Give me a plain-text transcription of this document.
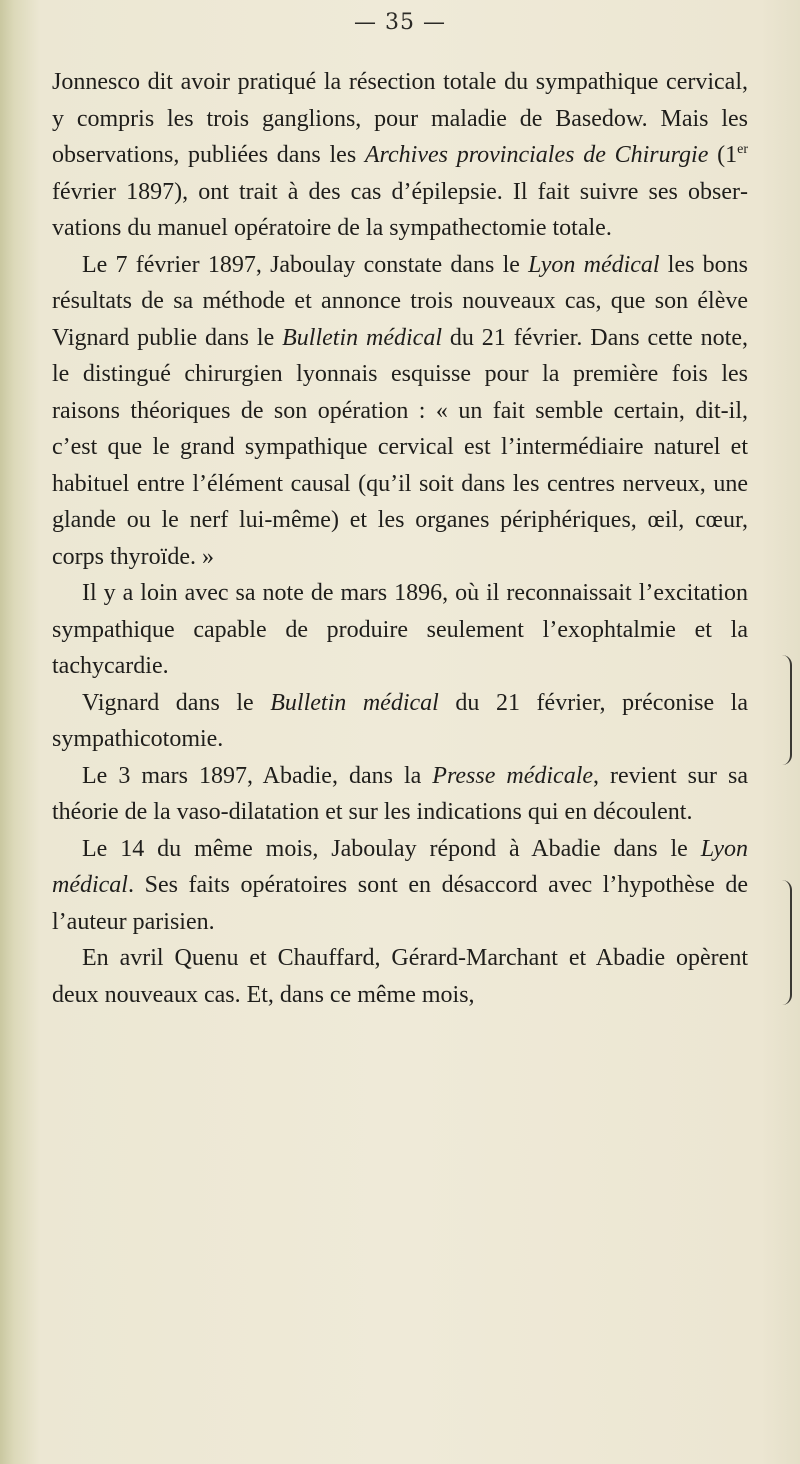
— 35 —

Jonnesco dit avoir pratiqué la résection totale du sympathique cervical, y compris les trois ganglions, pour maladie de Basedow. Mais les observations, publiées dans les Archives provinciales de Chirurgie (1er février 1897), ont trait à des cas d’épilepsie. Il fait suivre ses observations du manuel opératoire de la sympathectomie totale.

Le 7 février 1897, Jaboulay constate dans le Lyon médical les bons résultats de sa méthode et annonce trois nouveaux cas, que son élève Vignard publie dans le Bulletin médical du 21 février. Dans cette note, le distingué chirurgien lyonnais esquisse pour la première fois les raisons théoriques de son opération : « un fait semble certain, dit-il, c’est que le grand sympathique cervical est l’intermédiaire naturel et habituel entre l’élément causal (qu’il soit dans les centres nerveux, une glande ou le nerf lui-même) et les organes périphériques, œil, cœur, corps thyroïde. »

Il y a loin avec sa note de mars 1896, où il reconnaissait l’excitation sympathique capable de produire seulement l’exophtalmie et la tachycardie.

Vignard dans le Bulletin médical du 21 février, préconise la sympathicotomie.

Le 3 mars 1897, Abadie, dans la Presse médicale, revient sur sa théorie de la vaso-dilatation et sur les indications qui en découlent.

Le 14 du même mois, Jaboulay répond à Abadie dans le Lyon médical. Ses faits opératoires sont en désaccord avec l’hypothèse de l’auteur parisien.

En avril Quenu et Chauffard, Gérard-Marchant et Abadie opèrent deux nouveaux cas. Et, dans ce même mois,
